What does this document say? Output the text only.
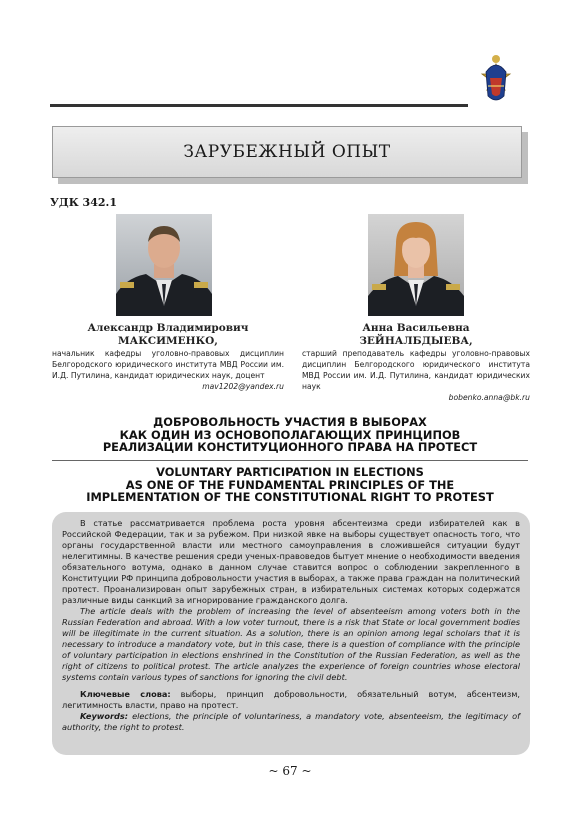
ЗАРУБЕЖНЫЙ ОПЫТ
УДК 342.1
Александр Владимирович
МАКСИМЕНКО,
начальник кафедры уголовно-правовых дисциплин Белгородского юридического института МВД России им. И.Д. Путилина, кандидат юридических наук, доцент
mav1202@yandex.ru
Анна Васильевна
ЗЕЙНАЛБДЫЕВА,
старший преподаватель кафедры уголовно-правовых дисциплин Белгородского юридического института МВД России им. И.Д. Путилина, кандидат юридических наук
bobenko.anna@bk.ru
ДОБРОВОЛЬНОСТЬ УЧАСТИЯ В ВЫБОРАХ
КАК ОДИН ИЗ ОСНОВОПОЛАГАЮЩИХ ПРИНЦИПОВ
РЕАЛИЗАЦИИ КОНСТИТУЦИОННОГО ПРАВА НА ПРОТЕСТ
VOLUNTARY PARTICIPATION IN ELECTIONS
AS ONE OF THE FUNDAMENTAL PRINCIPLES OF THE
IMPLEMENTATION OF THE CONSTITUTIONAL RIGHT TO PROTEST

В статье рассматривается проблема роста уровня абсентеизма среди избирателей как в Российской Федерации, так и за рубежом. При низкой явке на выборы существует опасность того, что органы государственной власти или местного самоуправления в сложившейся ситуации будут нелегитимны. В качестве решения среди ученых-правоведов бытует мнение о необходимости введения обязательного вотума, однако в данном случае ставится вопрос о соблюдении закрепленного в Конституции РФ принципа добровольности участия в выборах, а также права граждан на политический протест. Проанализирован опыт зарубежных стран, в избирательных системах которых содержатся различные виды санкций за игнорирование гражданского долга.

The article deals with the problem of increasing the level of absenteeism among voters both in the Russian Federation and abroad. With a low voter turnout, there is a risk that State or local government bodies will be illegitimate in the current situation. As a solution, there is an opinion among legal scholars that it is necessary to introduce a mandatory vote, but in this case, there is a question of compliance with the principle of voluntary participation in elections enshrined in the Constitution of the Russian Federation, as well as the right of citizens to political protest. The article analyzes the experience of foreign countries whose electoral systems contain various types of sanctions for ignoring the civil debt.

Ключевые слова: выборы, принцип добровольности, обязательный вотум, абсентеизм, легитимность власти, право на протест.

Keywords: elections, the principle of voluntariness, a mandatory vote, absenteeism, the legitimacy of authority, the right to protest.

~ 67 ~
